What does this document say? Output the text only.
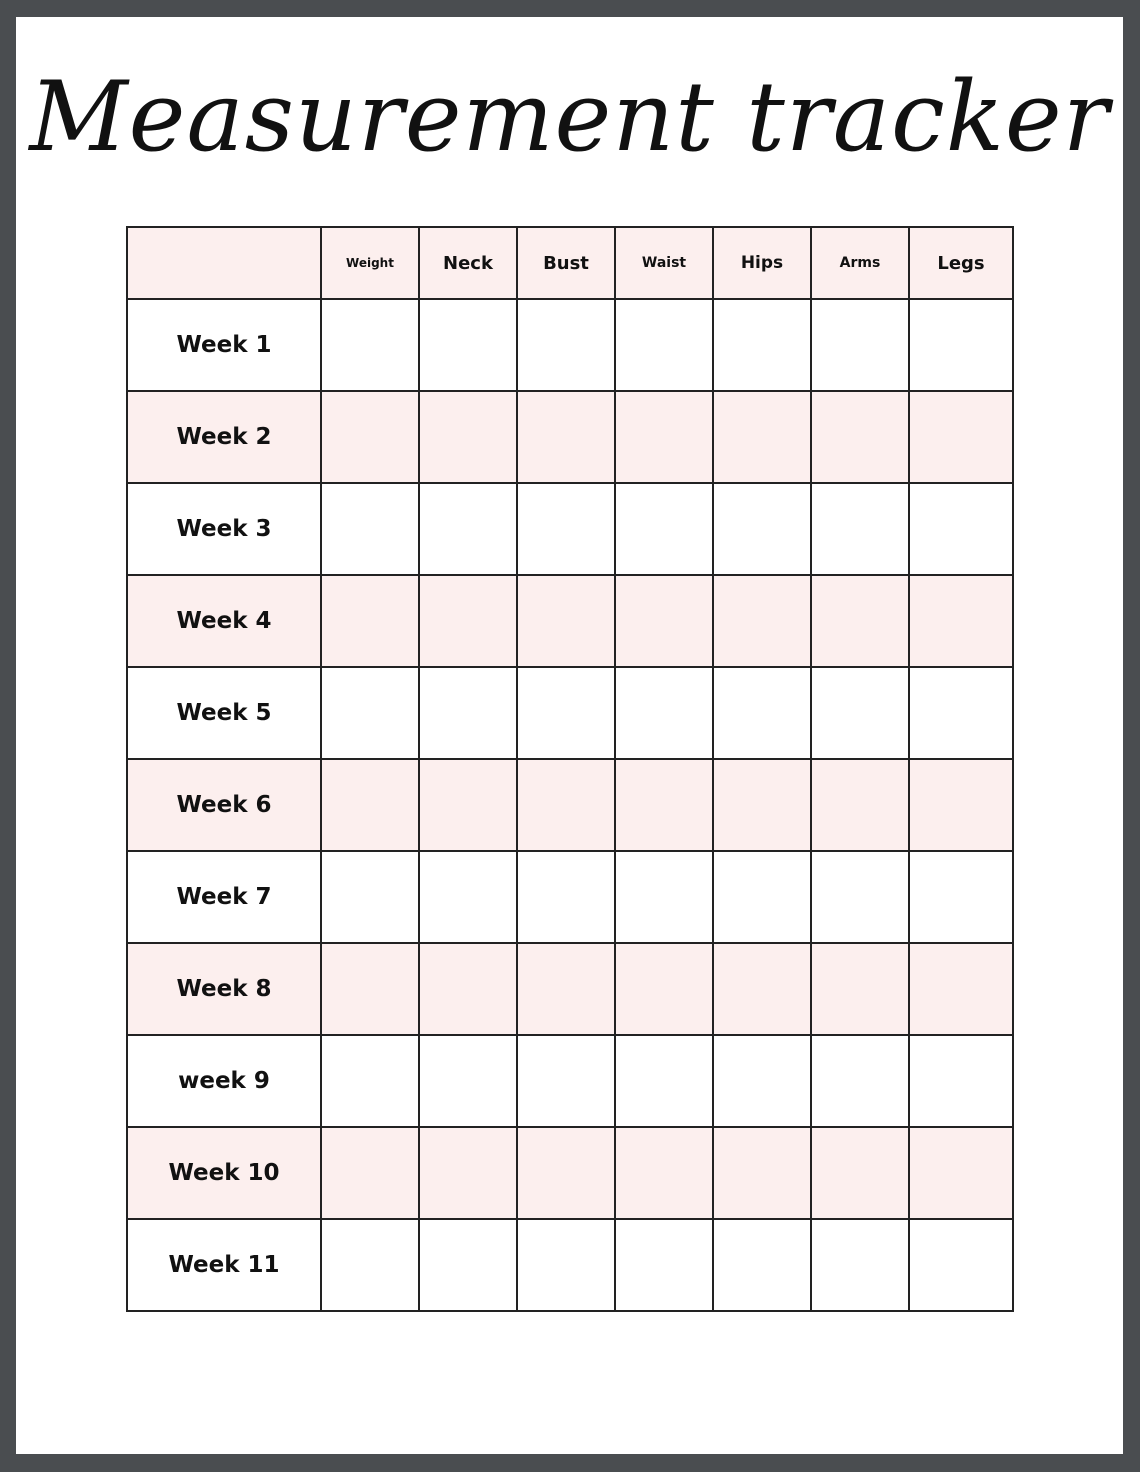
Measurement tracker
	Weight	Neck	Bust	Waist	Hips	Arms	Legs
Week 1							
Week 2							
Week 3							
Week 4							
Week 5							
Week 6							
Week 7							
Week 8							
week 9							
Week 10							
Week 11							
